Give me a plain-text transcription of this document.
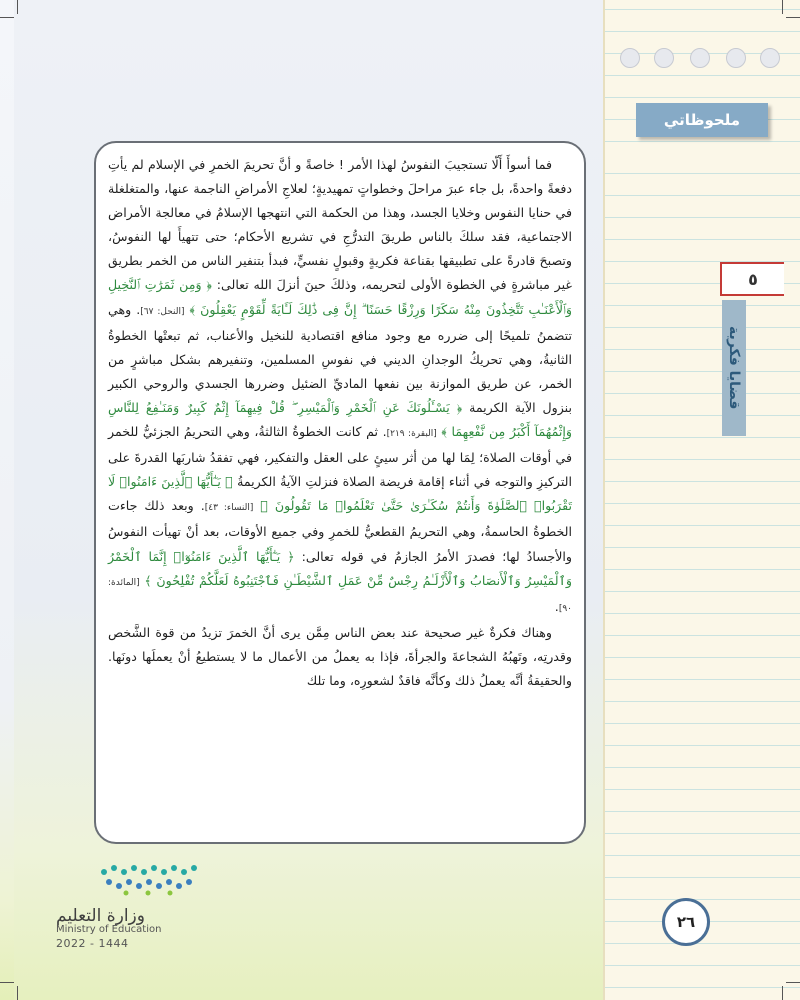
ملحوظاتي
٥
قضايا فكرية

فما أسوأَ أَلّا تستجيبَ النفوسُ لهذا الأمر ! خاصةً و أنَّ تحريمَ الخمرِ في الإسلام لم يأتِ دفعةً واحدةً، بل جاء عبرَ مراحلَ وخطواتٍ تمهيديةٍ؛ لعلاجِ الأمراضِ الناجمة عنها، والمتغلغلة في حنايا النفوس وخلايا الجسد، وهذا من الحكمة التي انتهجها الإسلامُ في معالجة الأمراض الاجتماعية، فقد سلكَ بالناس طريقَ التدرُّجِ في تشريع الأحكام؛ حتى تتهيأَ لها النفوسُ، وتصبحَ قادرةً على تطبيقها بقناعة فكريةٍ وقبولٍ نفسيٍّ، فبدأ بتنفير الناس من الخمر بطريق غير مباشرةٍ في الخطوة الأولى لتحريمه، وذلكَ حينَ أنزلَ الله تعالى: ﴿ وَمِن ثَمَرَٰتِ ٱلنَّخِيلِ وَٱلْأَعْنَـٰبِ تَتَّخِذُونَ مِنْهُ سَكَرًا وَرِزْقًا حَسَنًا ۗ إِنَّ فِى ذَٰلِكَ لَـَٔايَةً لِّقَوْمٍ يَعْقِلُونَ ﴾ [النحل: ٦٧]. وهي تتضمنُ تلميحًا إلى ضرره مع وجود منافع اقتصادية للنخيل والأعناب، ثم تبعتْها الخطوةُ الثانيةُ، وهي تحريكُ الوجدانِ الديني في نفوسِ المسلمين، وتنفيرهم بشكل مباشرٍ من الخمر، عن طريق الموازنة بين نفعها الماديِّ الضئيل وضررها الجسدي والروحي الكبير بنزول الآية الكريمة ﴿ يَسْـَٔلُونَكَ عَنِ ٱلْخَمْرِ وَٱلْمَيْسِرِ ۖ قُلْ فِيهِمَآ إِثْمٌ كَبِيرٌ وَمَنَـٰفِعُ لِلنَّاسِ وَإِثْمُهُمَآ أَكْبَرُ مِن نَّفْعِهِمَا ﴾ [البقرة: ٢١٩]. ثم كانت الخطوةُ الثالثةُ، وهي التحريمُ الجزئيُّ للخمر في أوقات الصلاة؛ لِمَا لها من أثر سيئٍ على العقل والتفكير، فهي تفقدُ شاربَها القدرةَ على التركيزِ والتوجه في أثناء إقامة فريضة الصلاة فنزلتِ الآيةُ الكريمةُ ﴿ يَـٰٓأَيُّهَا ٱلَّذِينَ ءَامَنُوا۟ لَا تَقْرَبُوا۟ ٱلصَّلَوٰةَ وَأَنتُمْ سُكَـٰرَىٰ حَتَّىٰ تَعْلَمُوا۟ مَا تَقُولُونَ ﴾ [النساء: ٤٣]. وبعد ذلك جاءت الخطوةُ الحاسمةُ، وهي التحريمُ القطعيُّ للخمرِ وفي جميع الأوقات، بعد أنْ تهيأت النفوسُ والأجسادُ لها؛ فصدرَ الأمرُ الجازمُ في قوله تعالى: ﴿ يَـٰٓأَيُّهَا ٱلَّذِينَ ءَامَنُوٓا۟ إِنَّمَا ٱلْخَمْرُ وَٱلْمَيْسِرُ وَٱلْأَنصَابُ وَٱلْأَزْلَـٰمُ رِجْسٌ مِّنْ عَمَلِ ٱلشَّيْطَـٰنِ فَٱجْتَنِبُوهُ لَعَلَّكُمْ تُفْلِحُونَ ﴾ [المائدة: ٩٠].

وهناك فكرةٌ غير صحيحة عند بعض الناس مِمَّن يرى أنَّ الخمرَ تزيدُ من قوة الشَّخص وقدرتِه، وتَهبُهُ الشجاعةَ والجرأةَ، فإذا به يعملُ من الأعمال ما لا يستطيعُ أنْ يعملَها دونَها. والحقيقةُ أنَّه يعملُ ذلك وكأنَّه فاقدٌ لشعورِه، وما تلك

وزارة التعليم
Ministry of Education
2022 - 1444
٢٦
